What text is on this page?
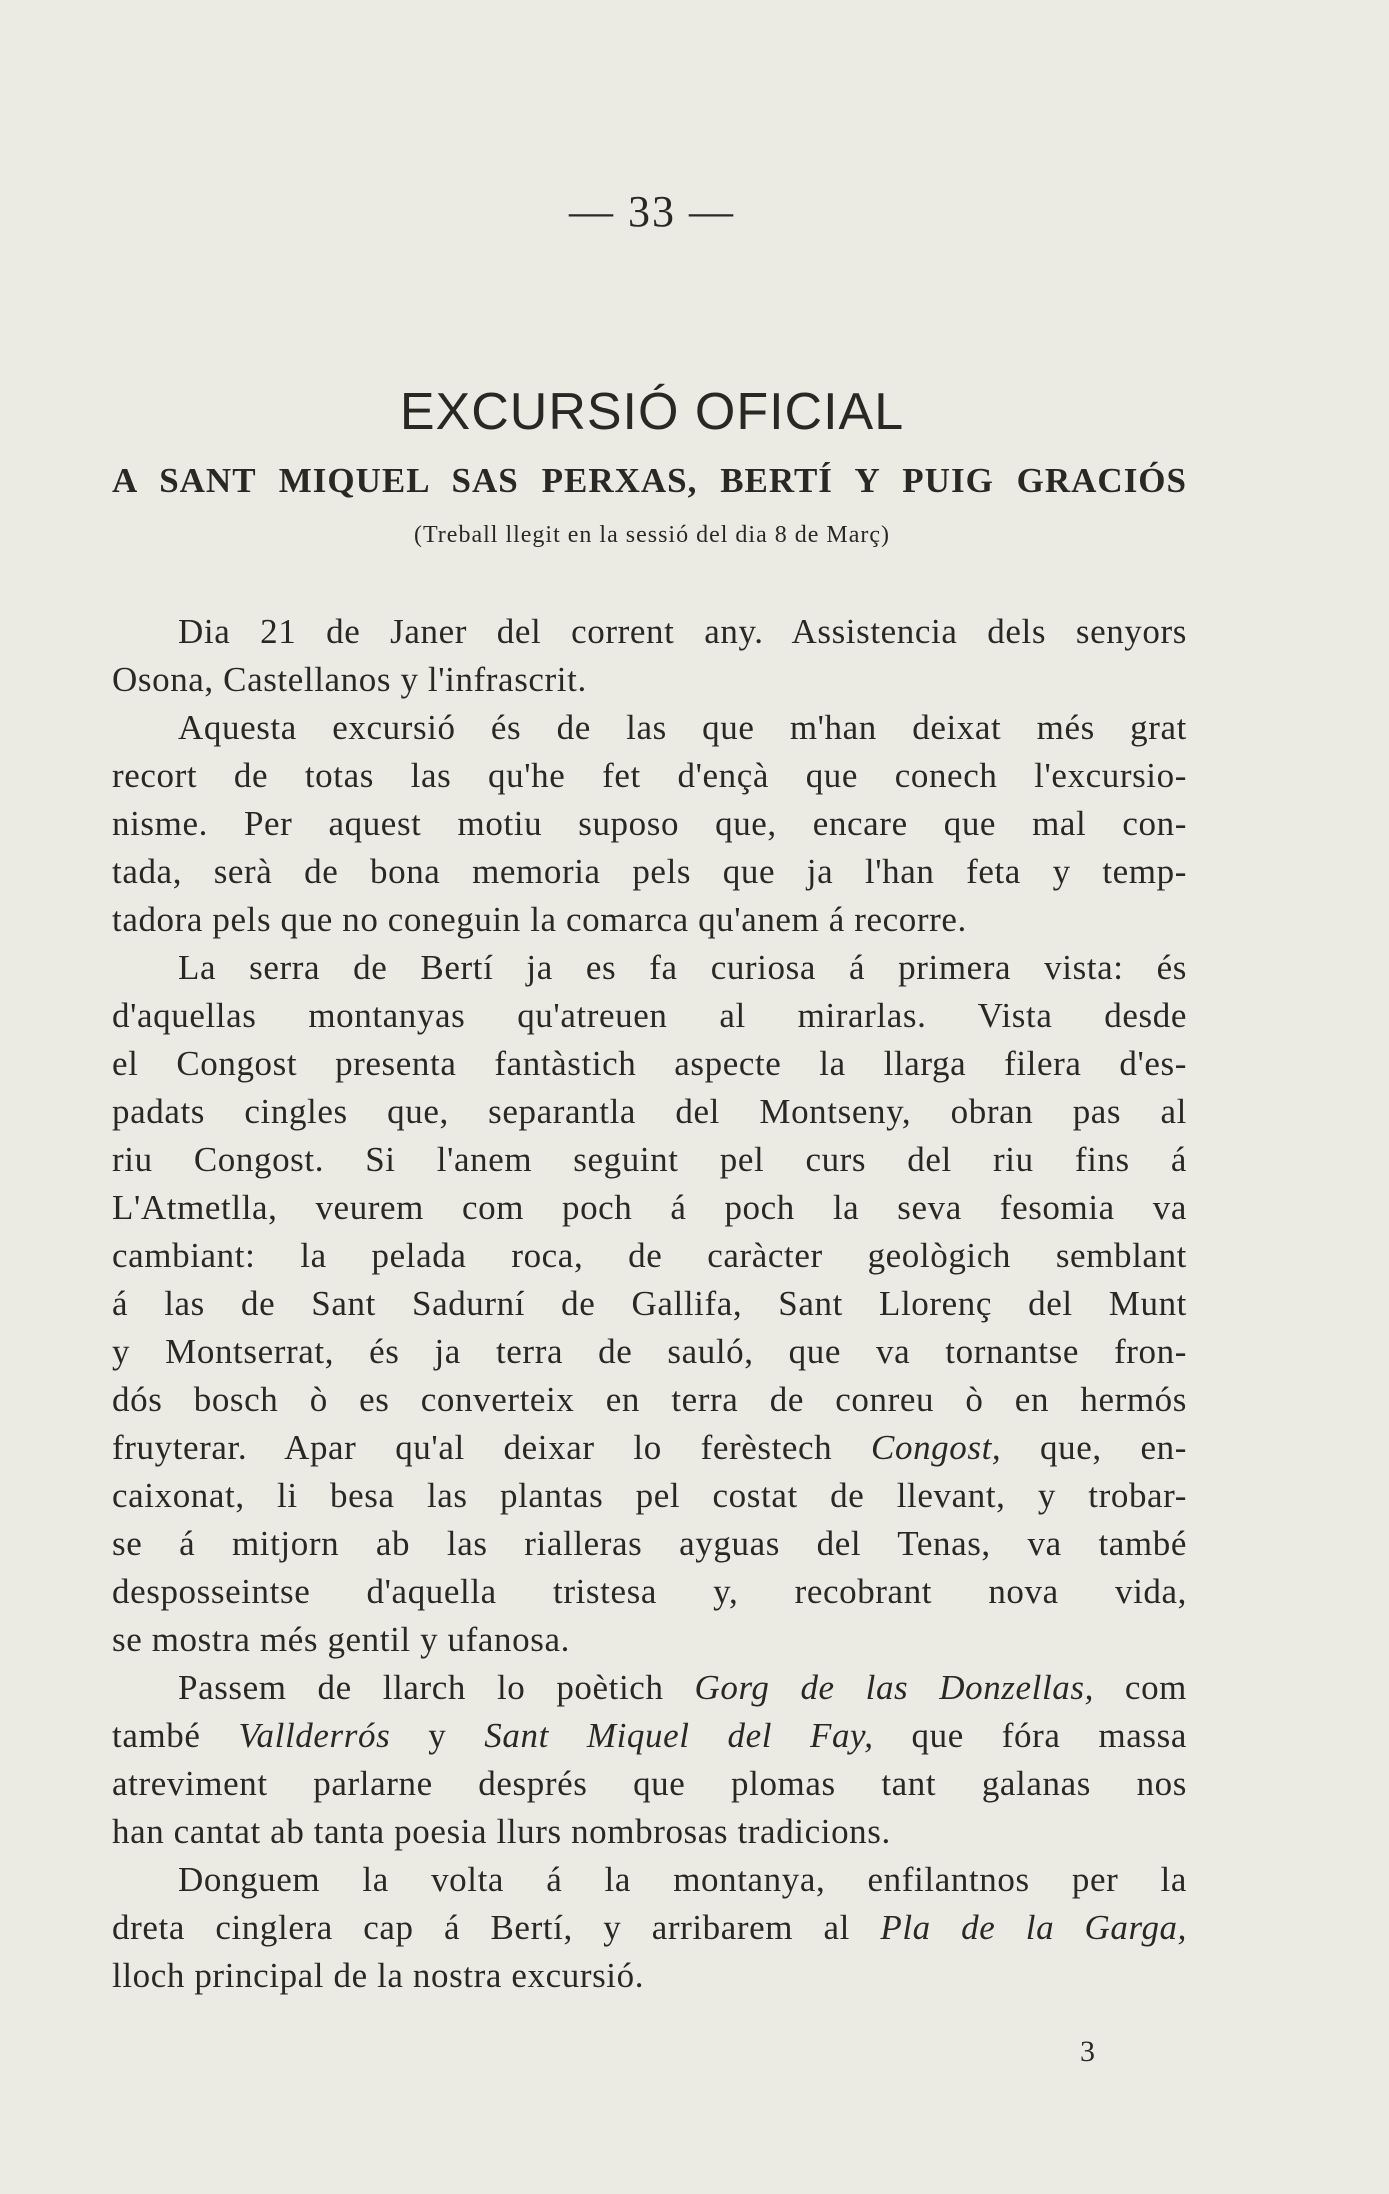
— 33 —
EXCURSIÓ OFICIAL
A SANT MIQUEL SAS PERXAS, BERTÍ Y PUIG GRACIÓS
(Treball llegit en la sessió del dia 8 de Març)
Dia 21 de Janer del corrent any. Assistencia dels senyors
Osona, Castellanos y l'infrascrit.
Aquesta excursió és de las que m'han deixat més grat
recort de totas las qu'he fet d'ençà que conech l'excursio-
nisme. Per aquest motiu suposo que, encare que mal con-
tada, serà de bona memoria pels que ja l'han feta y temp-
tadora pels que no coneguin la comarca qu'anem á recorre.
La serra de Bertí ja es fa curiosa á primera vista: és
d'aquellas montanyas qu'atreuen al mirarlas. Vista desde
el Congost presenta fantàstich aspecte la llarga filera d'es-
padats cingles que, separantla del Montseny, obran pas al
riu Congost. Si l'anem seguint pel curs del riu fins á
L'Atmetlla, veurem com poch á poch la seva fesomia va
cambiant: la pelada roca, de caràcter geològich semblant
á las de Sant Sadurní de Gallifa, Sant Llorenç del Munt
y Montserrat, és ja terra de sauló, que va tornantse fron-
dós bosch ò es converteix en terra de conreu ò en hermós
fruyterar. Apar qu'al deixar lo ferèstech Congost, que, en-
caixonat, li besa las plantas pel costat de llevant, y trobar-
se á mitjorn ab las rialleras ayguas del Tenas, va també
desposseintse d'aquella tristesa y, recobrant nova vida,
se mostra més gentil y ufanosa.
Passem de llarch lo poètich Gorg de las Donzellas, com
també Vallderrós y Sant Miquel del Fay, que fóra massa
atreviment parlarne després que plomas tant galanas nos
han cantat ab tanta poesia llurs nombrosas tradicions.
Donguem la volta á la montanya, enfilantnos per la
dreta cinglera cap á Bertí, y arribarem al Pla de la Garga,
lloch principal de la nostra excursió.
3
